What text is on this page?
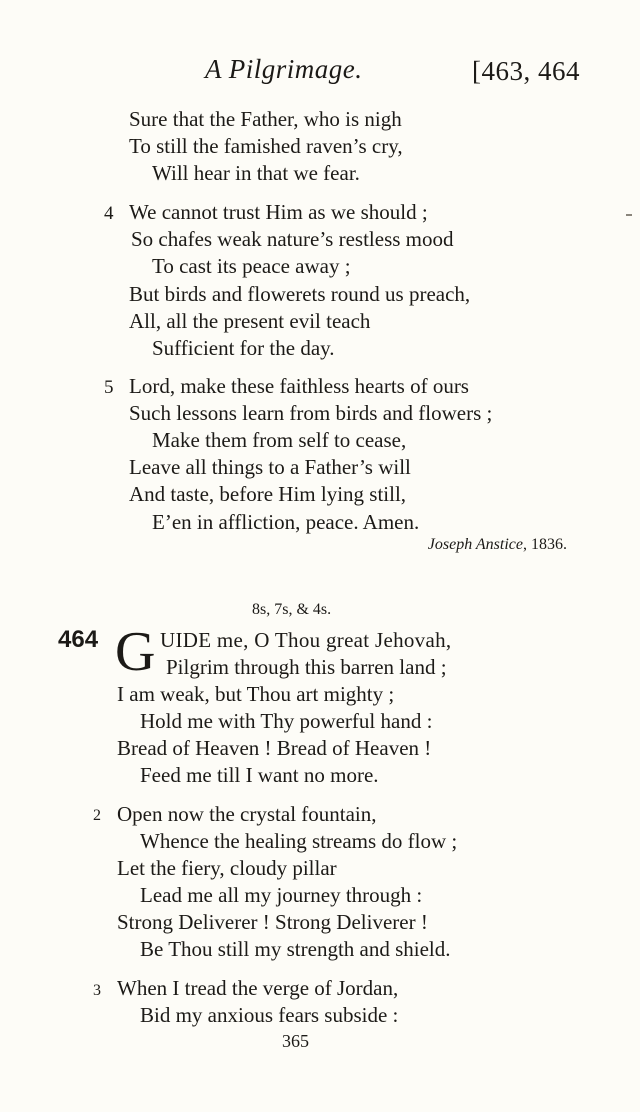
A Pilgrimage.	[463, 464
Sure that the Father, who is nigh
To still the famished raven’s cry,
Will hear in that we fear.
4 We cannot trust Him as we should ;
So chafes weak nature’s restless mood
To cast its peace away ;
But birds and flowerets round us preach,
All, all the present evil teach
Sufficient for the day.
5 Lord, make these faithless hearts of ours
Such lessons learn from birds and flowers ;
Make them from self to cease,
Leave all things to a Father’s will
And taste, before Him lying still,
E’en in affliction, peace. Amen.
Joseph Anstice, 1836.
8s, 7s, & 4s.
464 G UIDE me, O Thou great Jehovah,
Pilgrim through this barren land ;
I am weak, but Thou art mighty ;
Hold me with Thy powerful hand :
Bread of Heaven ! Bread of Heaven !
Feed me till I want no more.
2 Open now the crystal fountain,
Whence the healing streams do flow ;
Let the fiery, cloudy pillar
Lead me all my journey through :
Strong Deliverer ! Strong Deliverer !
Be Thou still my strength and shield.
3 When I tread the verge of Jordan,
Bid my anxious fears subside :
365
